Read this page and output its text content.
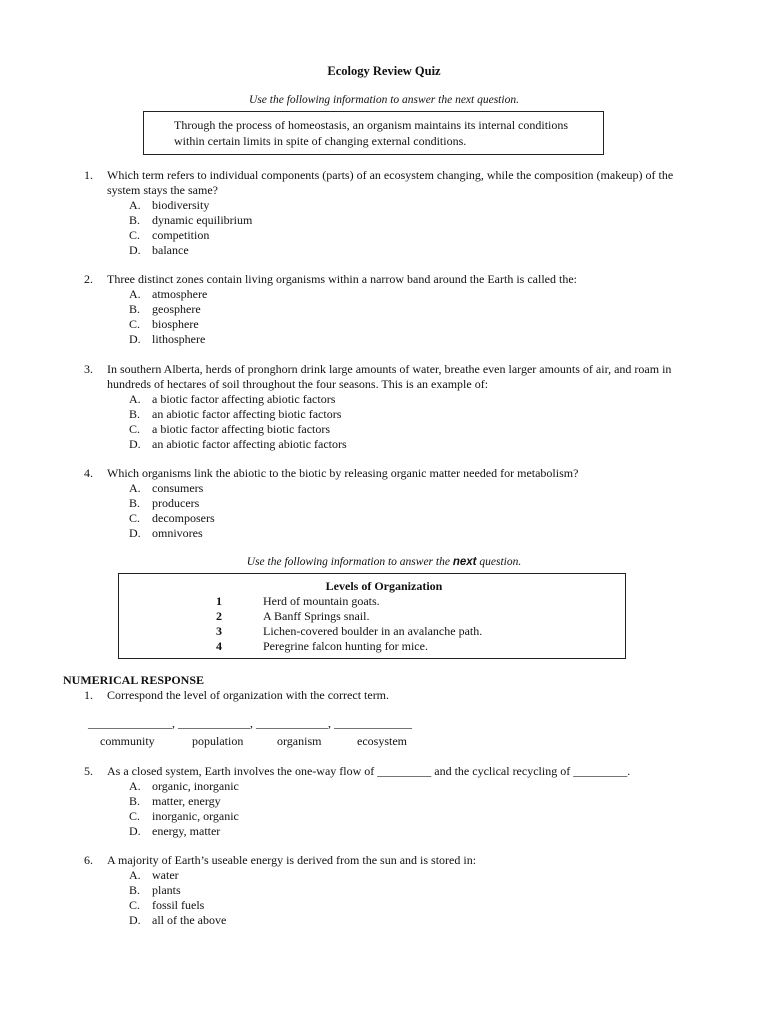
Ecology Review Quiz
Use the following information to answer the next question.
Through the process of homeostasis, an organism maintains its internal conditions
within certain limits in spite of changing external conditions.
1. Which term refers to individual components (parts) of an ecosystem changing, while the composition (makeup) of the
system stays the same?
A. biodiversity
B. dynamic equilibrium
C. competition
D. balance
2. Three distinct zones contain living organisms within a narrow band around the Earth is called the:
A. atmosphere
B. geosphere
C. biosphere
D. lithosphere
3. In southern Alberta, herds of pronghorn drink large amounts of water, breathe even larger amounts of air, and roam in
hundreds of hectares of soil throughout the four seasons. This is an example of:
A. a biotic factor affecting abiotic factors
B. an abiotic factor affecting biotic factors
C. a biotic factor affecting biotic factors
D. an abiotic factor affecting abiotic factors
4. Which organisms link the abiotic to the biotic by releasing organic matter needed for metabolism?
A. consumers
B. producers
C. decomposers
D. omnivores
Use the following information to answer the next question.
Levels of Organization
1	Herd of mountain goats.
2	A Banff Springs snail.
3	Lichen-covered boulder in an avalanche path.
4	Peregrine falcon hunting for mice.
NUMERICAL RESPONSE
1. Correspond the level of organization with the correct term.
______________, ____________, ____________, _____________
community	population	organism	ecosystem
5. As a closed system, Earth involves the one-way flow of _________ and the cyclical recycling of _________.
A. organic, inorganic
B. matter, energy
C. inorganic, organic
D. energy, matter
6. A majority of Earth’s useable energy is derived from the sun and is stored in:
A. water
B. plants
C. fossil fuels
D. all of the above
